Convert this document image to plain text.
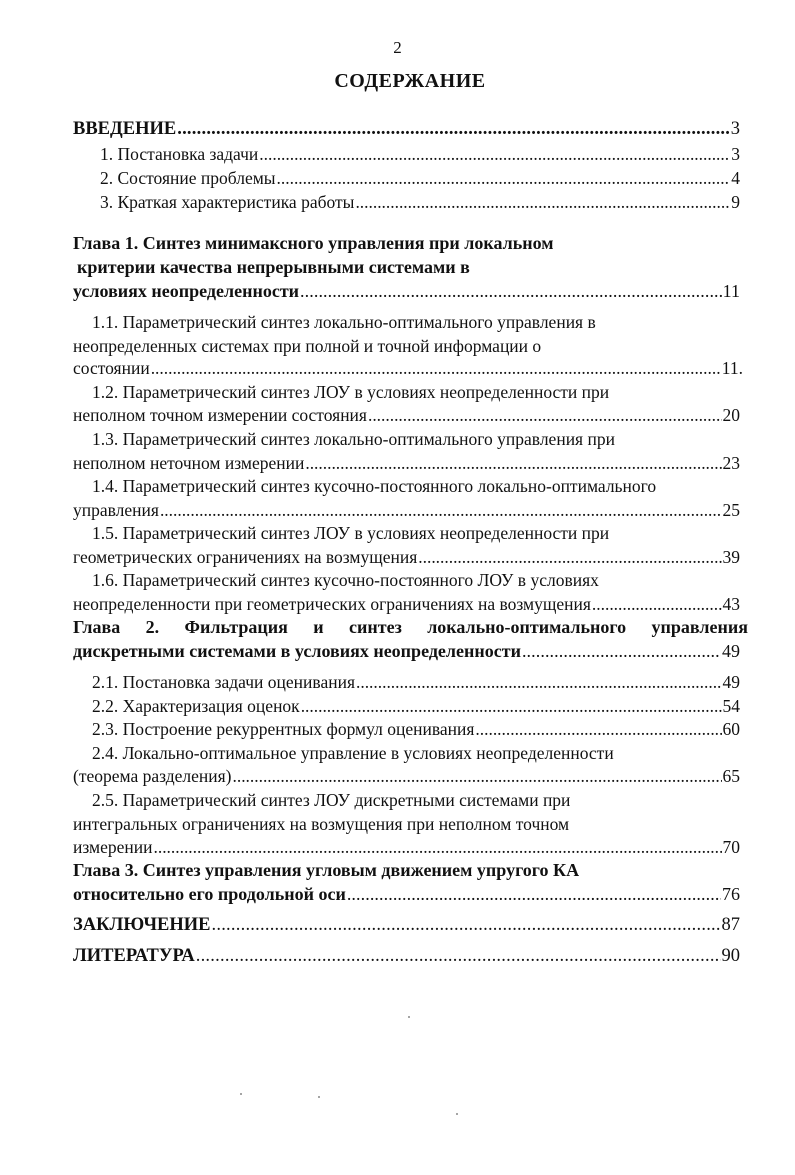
2
СОДЕРЖАНИЕ
ВВЕДЕНИЕ . . .	3
1. Постановка задачи . . .	3
2. Состояние проблемы . . .	4
3. Краткая характеристика работы . . .	9
Глава 1. Синтез минимаксного управления при локальном
критерии качества непрерывными системами в
условиях неопределенности . . .	11
1.1. Параметрический синтез локально-оптимального управления в
неопределенных системах при полной и точной информации о
состоянии . . .	11.
1.2. Параметрический синтез ЛОУ в условиях неопределенности при
неполном точном измерении состояния . . .	20
1.3. Параметрический синтез локально-оптимального управления при
неполном неточном измерении . . .	23
1.4. Параметрический синтез кусочно-постоянного локально-оптимального
управления . . .	25
1.5. Параметрический синтез ЛОУ в условиях неопределенности при
геометрических ограничениях на возмущения . . .	39
1.6. Параметрический синтез кусочно-постоянного ЛОУ в условиях
неопределенности при геометрических ограничениях на возмущения . . .	43
Глава 2. Фильтрация и синтез локально-оптимального управления
дискретными системами в условиях неопределенности . . .	49
2.1. Постановка задачи оценивания . . .	49
2.2. Характеризация оценок . . .	54
2.3. Построение рекуррентных формул оценивания . . .	60
2.4. Локально-оптимальное управление в условиях неопределенности
(теорема разделения) . . .	65
2.5. Параметрический синтез ЛОУ дискретными системами при
интегральных ограничениях на возмущения при неполном точном
измерении . . .	70
Глава 3. Синтез управления угловым движением упругого КА
относительно его продольной оси . . .	76
ЗАКЛЮЧЕНИЕ . . .	87
ЛИТЕРАТУРА . . .	90
